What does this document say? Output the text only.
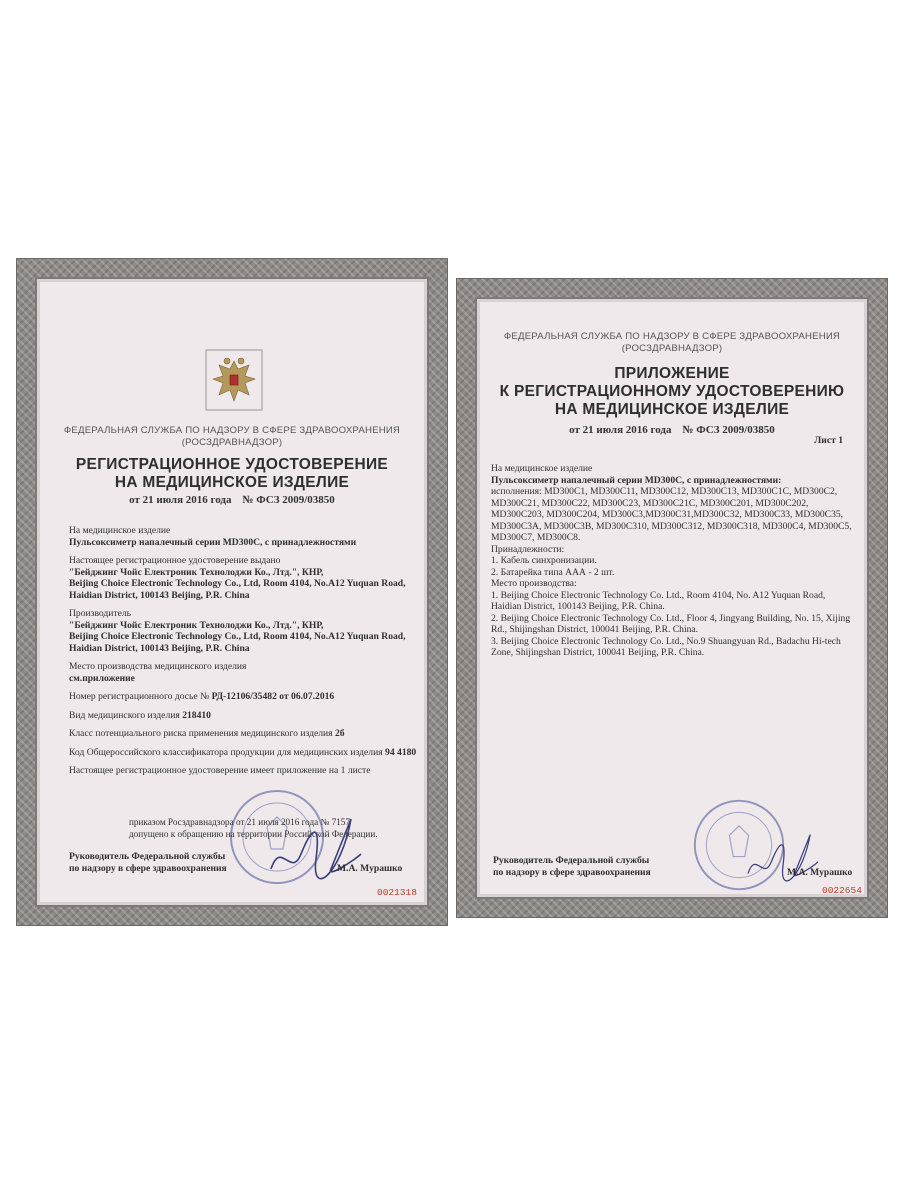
ФЕДЕРАЛЬНАЯ СЛУЖБА ПО НАДЗОРУ В СФЕРЕ ЗДРАВООХРАНЕНИЯ
(РОСЗДРАВНАДЗОР)
РЕГИСТРАЦИОННОЕ УДОСТОВЕРЕНИЕ
НА МЕДИЦИНСКОЕ ИЗДЕЛИЕ
от 21 июля 2016 года № ФСЗ 2009/03850

На медицинское изделие

Пульсоксиметр напалечный серии MD300C, с принадлежностями

Настоящее регистрационное удостоверение выдано

"Бейджинг Чойс Електроник Технолоджи Ко., Лтд.", КНР,

Beijing Choice Electronic Technology Co., Ltd, Room 4104, No.A12 Yuquan Road,

Haidian District, 100143 Beijing, P.R. China

Производитель

"Бейджинг Чойс Електроник Технолоджи Ко., Лтд.", КНР,

Beijing Choice Electronic Technology Co., Ltd, Room 4104, No.A12 Yuquan Road,

Haidian District, 100143 Beijing, P.R. China

Место производства медицинского изделия

см.приложение

Номер регистрационного досье № РД-12106/35482 от 06.07.2016

Вид медицинского изделия 218410

Класс потенциального риска применения медицинского изделия 2б

Код Общероссийского классификатора продукции для медицинских изделия 94 4180

Настоящее регистрационное удостоверение имеет приложение на 1 листе

приказом Росздравнадзора от 21 июля 2016 года № 7157

допущено к обращению на территории Российской Федерации.

Руководитель Федеральной службы
по надзору в сфере здравоохранения	М.А. Мурашко
0021318
ФЕДЕРАЛЬНАЯ СЛУЖБА ПО НАДЗОРУ В СФЕРЕ ЗДРАВООХРАНЕНИЯ
(РОСЗДРАВНАДЗОР)
ПРИЛОЖЕНИЕ
К РЕГИСТРАЦИОННОМУ УДОСТОВЕРЕНИЮ
НА МЕДИЦИНСКОЕ ИЗДЕЛИЕ
от 21 июля 2016 года № ФСЗ 2009/03850
Лист 1

На медицинское изделие

Пульсоксиметр напалечный серии MD300C, с принадлежностями:

исполнения: MD300C1, MD300C11, MD300C12, MD300C13, MD300C1C, MD300C2,

MD300C21, MD300C22, MD300C23, MD300C21C, MD300C201, MD300C202,

MD300C203, MD300C204, MD300C3,MD300C31,MD300C32, MD300C33, MD300C35,

MD300C3A, MD300C3B, MD300C310, MD300C312, MD300C318, MD300C4, MD300C5,

MD300C7, MD300C8.

Принадлежности:

1. Кабель синхронизации.

2. Батарейка типа ААА - 2 шт.

Место производства:

1. Beijing Choice Electronic Technology Co. Ltd., Room 4104, No. A12 Yuquan Road,

Haidian District, 100143 Beijing, P.R. China.

2. Beijing Choice Electronic Technology Co. Ltd., Floor 4, Jingyang Building, No. 15, Xijing

Rd., Shijingshan District, 100041 Beijing, P.R. China.

3. Beijing Choice Electronic Technology Co. Ltd., No.9 Shuangyuan Rd., Badachu Hi-tech

Zone, Shijingshan District, 100041 Beijing, P.R. China.

Руководитель Федеральной службы
по надзору в сфере здравоохранения	М.А. Мурашко
0022654
